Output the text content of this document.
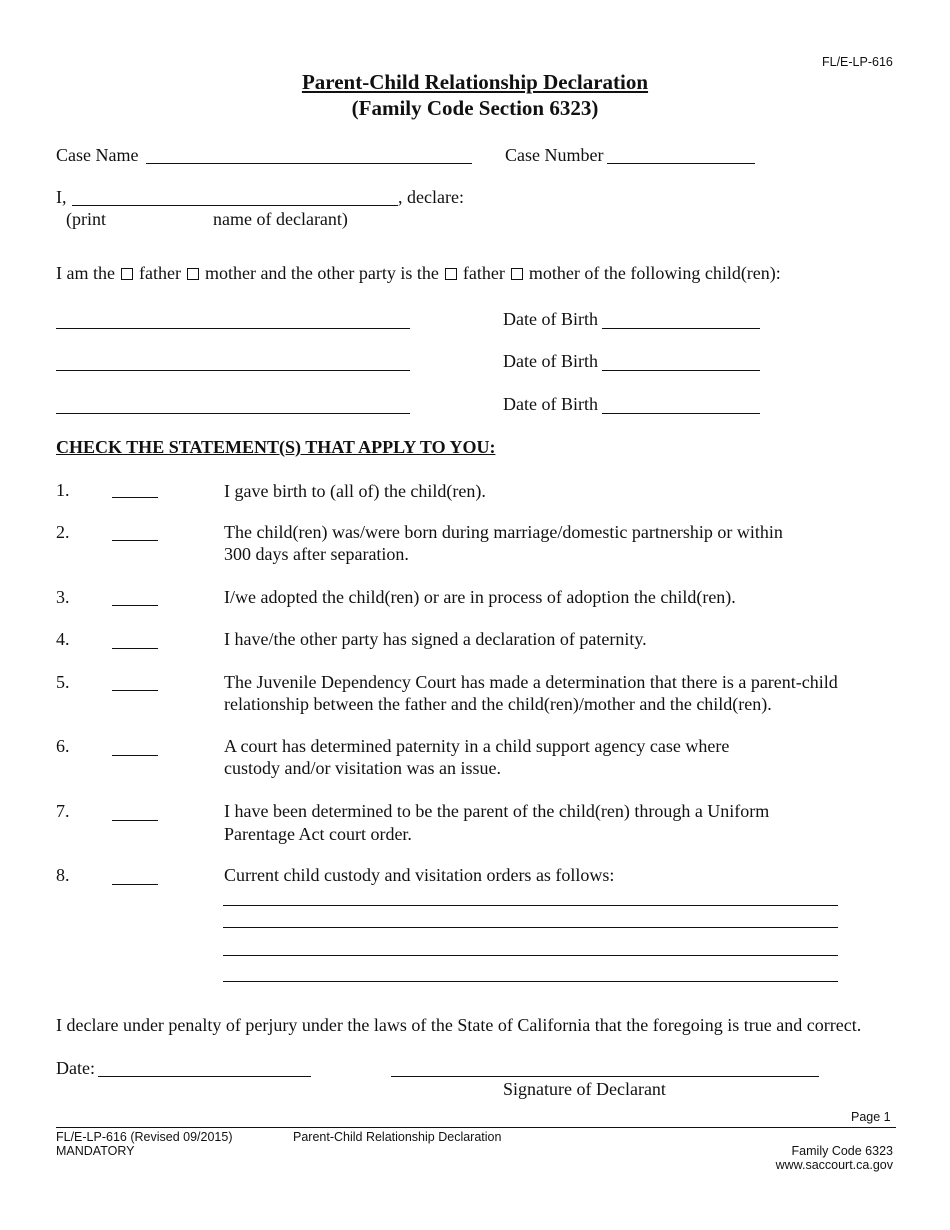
FL/E-LP-616
Parent-Child Relationship Declaration
(Family Code Section 6323)
Case Name	Case Number
I,	, declare:
(print	name of declarant)
I am the father mother and the other party is the father mother of the following child(ren):
Date of Birth
Date of Birth
Date of Birth
CHECK THE STATEMENT(S) THAT APPLY TO YOU:
1.	I gave birth to (all of) the child(ren).
2.	The child(ren) was/were born during marriage/domestic partnership or within
300 days after separation.
3.	I/we adopted the child(ren) or are in process of adoption the child(ren).
4.	I have/the other party has signed a declaration of paternity.
5.	The Juvenile Dependency Court has made a determination that there is a parent-child
relationship between the father and the child(ren)/mother and the child(ren).
6.	A court has determined paternity in a child support agency case where
custody and/or visitation was an issue.
7.	I have been determined to be the parent of the child(ren) through a Uniform
Parentage Act court order.
8.	Current child custody and visitation orders as follows:
I declare under penalty of perjury under the laws of the State of California that the foregoing is true and correct.
Date:
Signature of Declarant
Page 1
FL/E-LP-616 (Revised 09/2015)
MANDATORY
Parent-Child Relationship Declaration
Family Code 6323
www.saccourt.ca.gov
